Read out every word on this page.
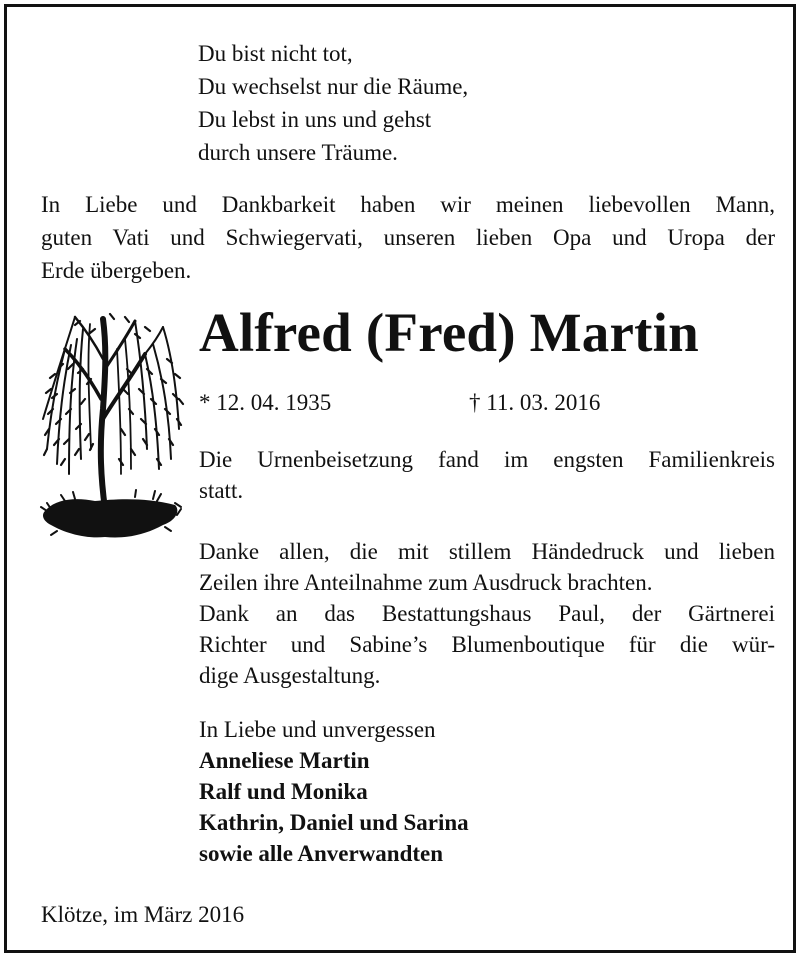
Du bist nicht tot,
Du wechselst nur die Räume,
Du lebst in uns und gehst
durch unsere Träume.
In Liebe und Dankbarkeit haben wir meinen liebevollen Mann,
guten Vati und Schwiegervati, unseren lieben Opa und Uropa der
Erde übergeben.
Alfred (Fred) Martin
* 12. 04. 1935	† 11. 03. 2016
Die Urnenbeisetzung fand im engsten Familienkreis
statt.
Danke allen, die mit stillem Händedruck und lieben
Zeilen ihre Anteilnahme zum Ausdruck brachten.
Dank an das Bestattungshaus Paul, der Gärtnerei
Richter und Sabine’s Blumenboutique für die wür-
dige Ausgestaltung.
In Liebe und unvergessen
Anneliese Martin
Ralf und Monika
Kathrin, Daniel und Sarina
sowie alle Anverwandten
Klötze, im März 2016
